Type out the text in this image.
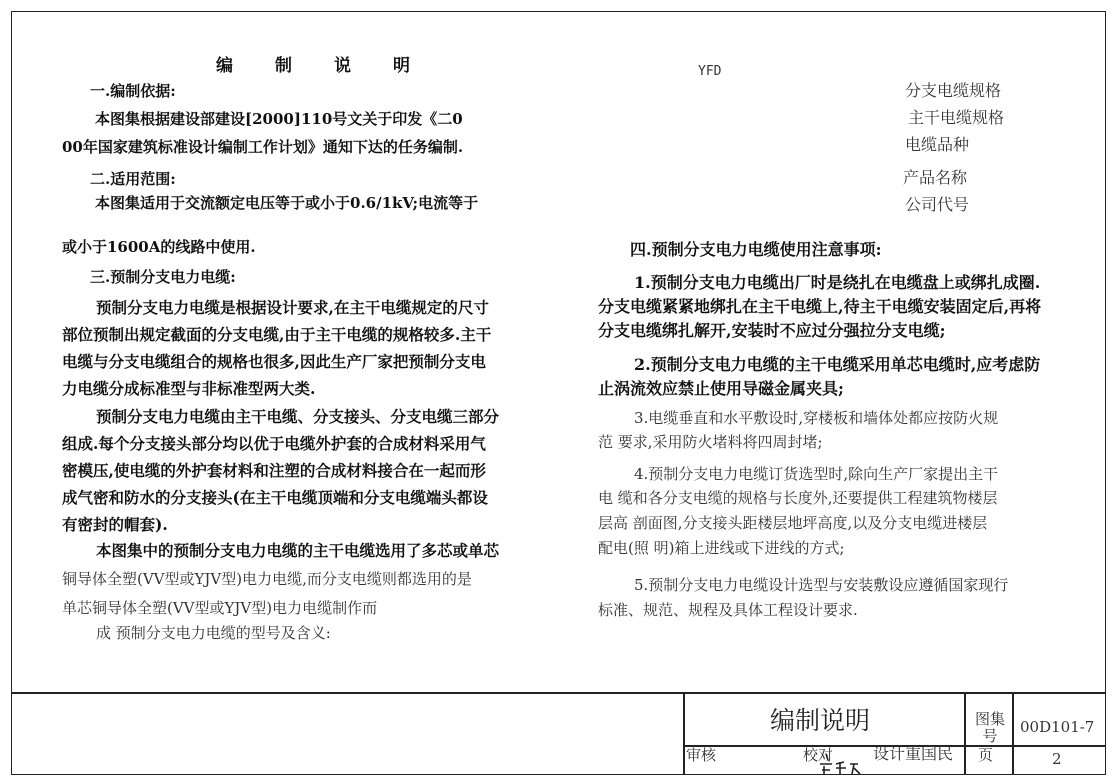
编制说明
一.编制依据:
本图集根据建设部建设[2000]110号文关于印发《二0
00年国家建筑标准设计编制工作计划》通知下达的任务编制.
二.适用范围:
本图集适用于交流额定电压等于或小于0.6/1kV;电流等于
或小于1600A的线路中使用.
三.预制分支电力电缆:
预制分支电力电缆是根据设计要求,在主干电缆规定的尺寸
部位预制出规定截面的分支电缆,由于主干电缆的规格较多.主干
电缆与分支电缆组合的规格也很多,因此生产厂家把预制分支电
力电缆分成标准型与非标准型两大类.
预制分支电力电缆由主干电缆、分支接头、分支电缆三部分
组成.每个分支接头部分均以优于电缆外护套的合成材料采用气
密模压,使电缆的外护套材料和注塑的合成材料接合在一起而形
成气密和防水的分支接头(在主干电缆顶端和分支电缆端头都设
有密封的帽套).
本图集中的预制分支电力电缆的主干电缆选用了多芯或单芯
铜导体全塑(VV型或YJV型)电力电缆,而分支电缆则都选用的是
单芯铜导体全塑(VV型或YJV型)电力电缆制作而
成 预制分支电力电缆的型号及含义:
YFD
分支电缆规格
主干电缆规格
电缆品种
产品名称
公司代号
四.预制分支电力电缆使用注意事项:
1.预制分支电力电缆出厂时是绕扎在电缆盘上或绑扎成圈.
分支电缆紧紧地绑扎在主干电缆上,待主干电缆安装固定后,再将
分支电缆绑扎解开,安装时不应过分强拉分支电缆;
2.预制分支电力电缆的主干电缆采用单芯电缆时,应考虑防
止涡流效应禁止使用导磁金属夹具;
3.电缆垂直和水平敷设时,穿楼板和墙体处都应按防火规
范 要求,采用防火堵料将四周封堵;
4.预制分支电力电缆订货选型时,除向生产厂家提出主干
电 缆和各分支电缆的规格与长度外,还要提供工程建筑物楼层
层高 剖面图,分支接头距楼层地坪高度,以及分支电缆进楼层
配电(照 明)箱上进线或下进线的方式;
5.预制分支电力电缆设计选型与安装敷设应遵循国家现行
标准、规范、规程及具体工程设计要求.
编制说明	图集号	00D101-7
审核	校对 设计重国民 页	2
